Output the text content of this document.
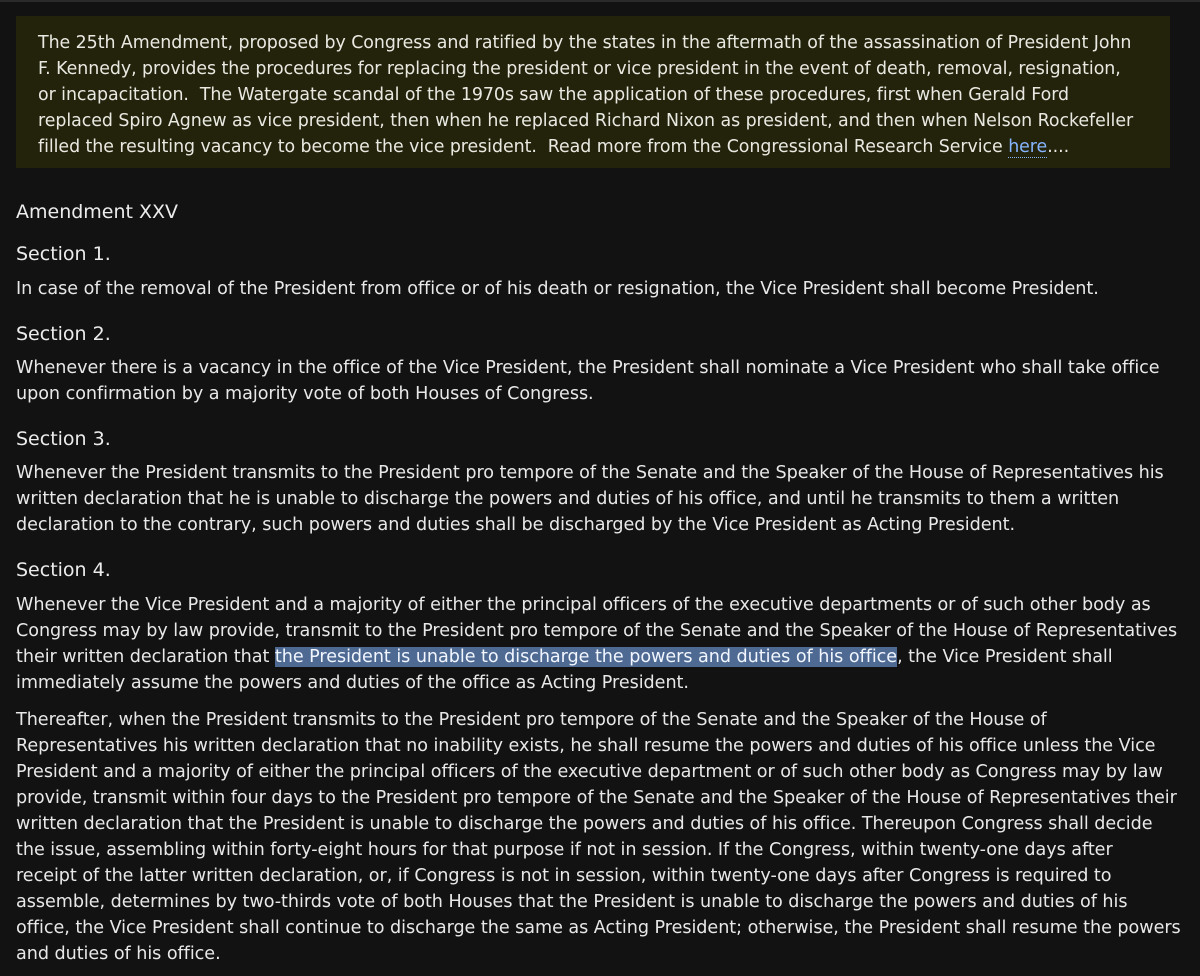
The 25th Amendment, proposed by Congress and ratified by the states in the aftermath of the assassination of President John
F. Kennedy, provides the procedures for replacing the president or vice president in the event of death, removal, resignation,
or incapacitation.  The Watergate scandal of the 1970s saw the application of these procedures, first when Gerald Ford
replaced Spiro Agnew as vice president, then when he replaced Richard Nixon as president, and then when Nelson Rockefeller
filled the resulting vacancy to become the vice president.  Read more from the Congressional Research Service here....
Amendment XXV
Section 1.
In case of the removal of the President from office or of his death or resignation, the Vice President shall become President.
Section 2.
Whenever there is a vacancy in the office of the Vice President, the President shall nominate a Vice President who shall take office
upon confirmation by a majority vote of both Houses of Congress.
Section 3.
Whenever the President transmits to the President pro tempore of the Senate and the Speaker of the House of Representatives his
written declaration that he is unable to discharge the powers and duties of his office, and until he transmits to them a written
declaration to the contrary, such powers and duties shall be discharged by the Vice President as Acting President.
Section 4.
Whenever the Vice President and a majority of either the principal officers of the executive departments or of such other body as
Congress may by law provide, transmit to the President pro tempore of the Senate and the Speaker of the House of Representatives
their written declaration that the President is unable to discharge the powers and duties of his office, the Vice President shall
immediately assume the powers and duties of the office as Acting President.
Thereafter, when the President transmits to the President pro tempore of the Senate and the Speaker of the House of
Representatives his written declaration that no inability exists, he shall resume the powers and duties of his office unless the Vice
President and a majority of either the principal officers of the executive department or of such other body as Congress may by law
provide, transmit within four days to the President pro tempore of the Senate and the Speaker of the House of Representatives their
written declaration that the President is unable to discharge the powers and duties of his office. Thereupon Congress shall decide
the issue, assembling within forty-eight hours for that purpose if not in session. If the Congress, within twenty-one days after
receipt of the latter written declaration, or, if Congress is not in session, within twenty-one days after Congress is required to
assemble, determines by two-thirds vote of both Houses that the President is unable to discharge the powers and duties of his
office, the Vice President shall continue to discharge the same as Acting President; otherwise, the President shall resume the powers
and duties of his office.
